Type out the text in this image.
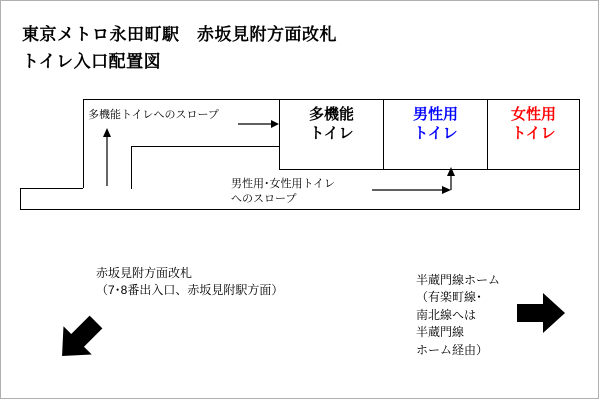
東京メトロ永田町駅　赤坂見附方面改札
トイレ入口配置図
多機能
トイレ
男性用
トイレ
女性用
トイレ
多機能トイレへのスロープ
男性用･女性用トイレ
へのスロープ
赤坂見附方面改札
（7･8番出入口、赤坂見附駅方面）
半蔵門線ホーム
（有楽町線･
南北線へは
半蔵門線
ホーム経由）
